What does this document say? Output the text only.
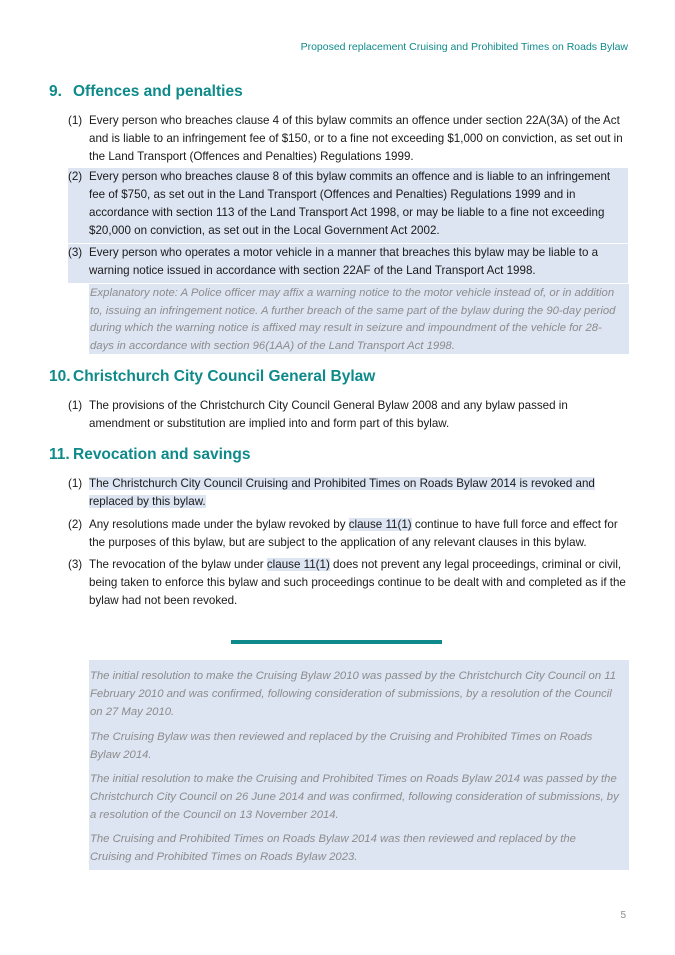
Proposed replacement Cruising and Prohibited Times on Roads Bylaw
9. Offences and penalties
(1) Every person who breaches clause 4 of this bylaw commits an offence under section 22A(3A) of the Act and is liable to an infringement fee of $150, or to a fine not exceeding $1,000 on conviction, as set out in the Land Transport (Offences and Penalties) Regulations 1999.
(2) Every person who breaches clause 8 of this bylaw commits an offence and is liable to an infringement fee of $750, as set out in the Land Transport (Offences and Penalties) Regulations 1999 and in accordance with section 113 of the Land Transport Act 1998, or may be liable to a fine not exceeding $20,000 on conviction, as set out in the Local Government Act 2002.
(3) Every person who operates a motor vehicle in a manner that breaches this bylaw may be liable to a warning notice issued in accordance with section 22AF of the Land Transport Act 1998.
Explanatory note: A Police officer may affix a warning notice to the motor vehicle instead of, or in addition to, issuing an infringement notice. A further breach of the same part of the bylaw during the 90-day period during which the warning notice is affixed may result in seizure and impoundment of the vehicle for 28-days in accordance with section 96(1AA) of the Land Transport Act 1998.
10. Christchurch City Council General Bylaw
(1) The provisions of the Christchurch City Council General Bylaw 2008 and any bylaw passed in amendment or substitution are implied into and form part of this bylaw.
11. Revocation and savings
(1) The Christchurch City Council Cruising and Prohibited Times on Roads Bylaw 2014 is revoked and replaced by this bylaw.
(2) Any resolutions made under the bylaw revoked by clause 11(1) continue to have full force and effect for the purposes of this bylaw, but are subject to the application of any relevant clauses in this bylaw.
(3) The revocation of the bylaw under clause 11(1) does not prevent any legal proceedings, criminal or civil, being taken to enforce this bylaw and such proceedings continue to be dealt with and completed as if the bylaw had not been revoked.

The initial resolution to make the Cruising Bylaw 2010 was passed by the Christchurch City Council on 11 February 2010 and was confirmed, following consideration of submissions, by a resolution of the Council on 27 May 2010.

The Cruising Bylaw was then reviewed and replaced by the Cruising and Prohibited Times on Roads Bylaw 2014.

The initial resolution to make the Cruising and Prohibited Times on Roads Bylaw 2014 was passed by the Christchurch City Council on 26 June 2014 and was confirmed, following consideration of submissions, by a resolution of the Council on 13 November 2014.

The Cruising and Prohibited Times on Roads Bylaw 2014 was then reviewed and replaced by the Cruising and Prohibited Times on Roads Bylaw 2023.

5
